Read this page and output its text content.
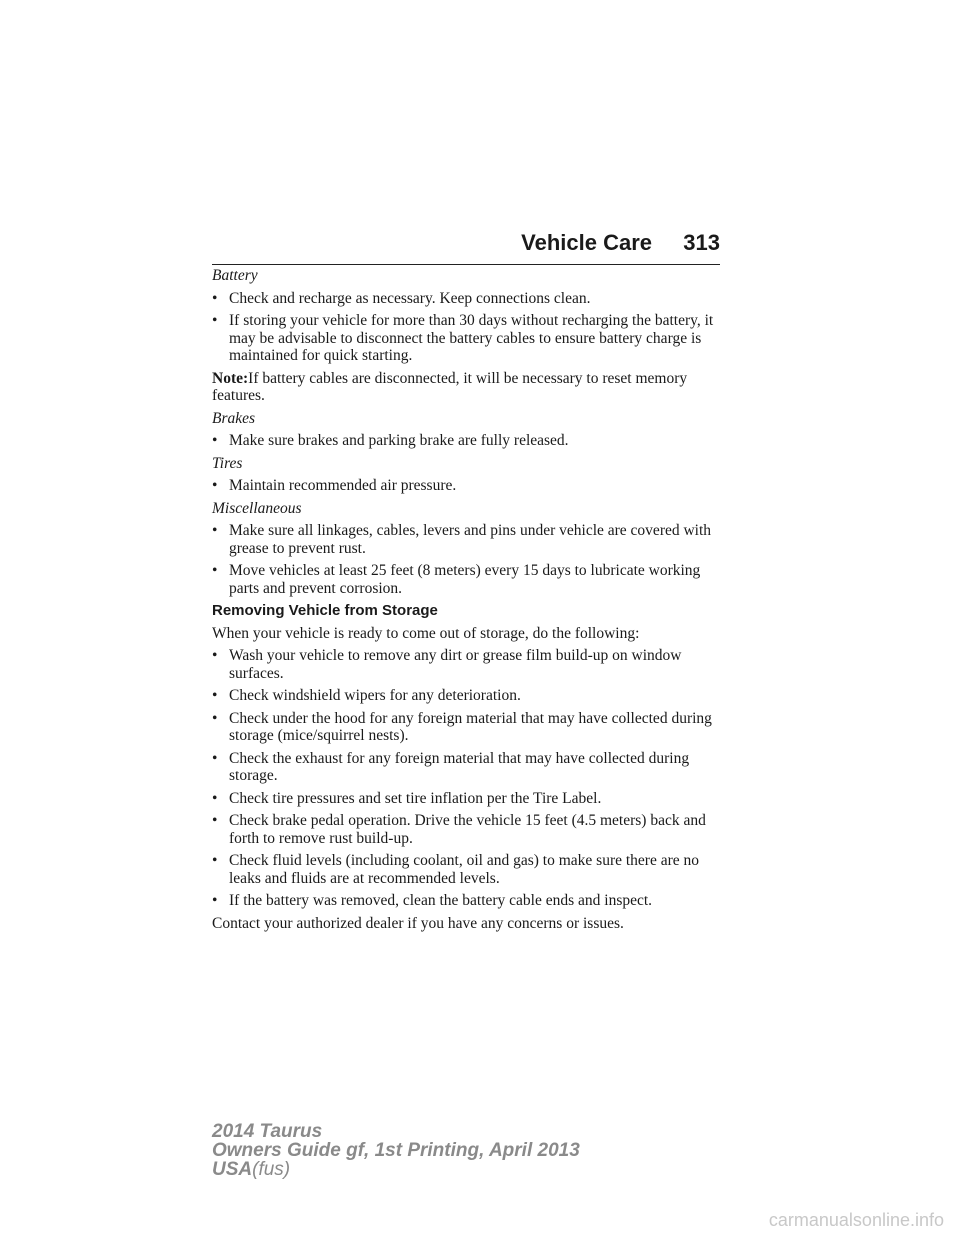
Vehicle Care 313
Battery
• Check and recharge as necessary. Keep connections clean.
• If storing your vehicle for more than 30 days without recharging the battery, it may be advisable to disconnect the battery cables to ensure battery charge is maintained for quick starting.

Note:If battery cables are disconnected, it will be necessary to reset memory features.

Brakes
• Make sure brakes and parking brake are fully released.
Tires
• Maintain recommended air pressure.
Miscellaneous
• Make sure all linkages, cables, levers and pins under vehicle are covered with grease to prevent rust.
• Move vehicles at least 25 feet (8 meters) every 15 days to lubricate working parts and prevent corrosion.
Removing Vehicle from Storage

When your vehicle is ready to come out of storage, do the following:

• Wash your vehicle to remove any dirt or grease film build-up on window surfaces.
• Check windshield wipers for any deterioration.
• Check under the hood for any foreign material that may have collected during storage (mice/squirrel nests).
• Check the exhaust for any foreign material that may have collected during storage.
• Check tire pressures and set tire inflation per the Tire Label.
• Check brake pedal operation. Drive the vehicle 15 feet (4.5 meters) back and forth to remove rust build-up.
• Check fluid levels (including coolant, oil and gas) to make sure there are no leaks and fluids are at recommended levels.
• If the battery was removed, clean the battery cable ends and inspect.

Contact your authorized dealer if you have any concerns or issues.

2014 Taurus
Owners Guide gf, 1st Printing, April 2013
USA(fus)
carmanualsonline.info
